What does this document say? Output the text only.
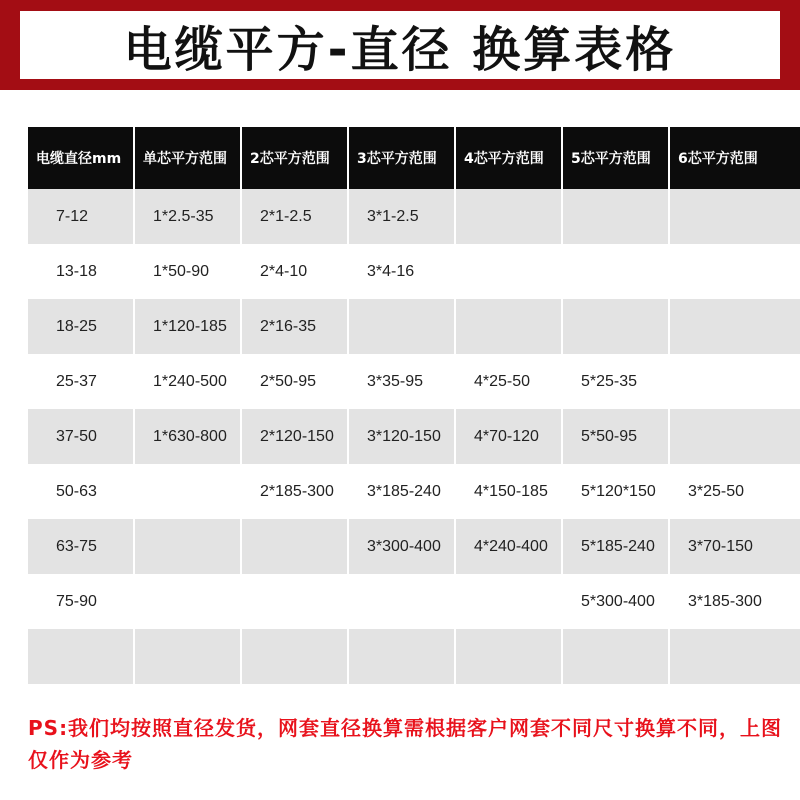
电缆平方-直径 换算表格
电缆直径mm	单芯平方范围	2芯平方范围	3芯平方范围	4芯平方范围	5芯平方范围	6芯平方范围
7-12	1*2.5-35	2*1-2.5	3*1-2.5			
13-18	1*50-90	2*4-10	3*4-16			
18-25	1*120-185	2*16-35				
25-37	1*240-500	2*50-95	3*35-95	4*25-50	5*25-35	
37-50	1*630-800	2*120-150	3*120-150	4*70-120	5*50-95	
50-63		2*185-300	3*185-240	4*150-185	5*120*150	3*25-50
63-75			3*300-400	4*240-400	5*185-240	3*70-150
75-90					5*300-400	3*185-300

PS:我们均按照直径发货，网套直径换算需根据客户网套不同尺寸换算不同，上图仅作为参考
